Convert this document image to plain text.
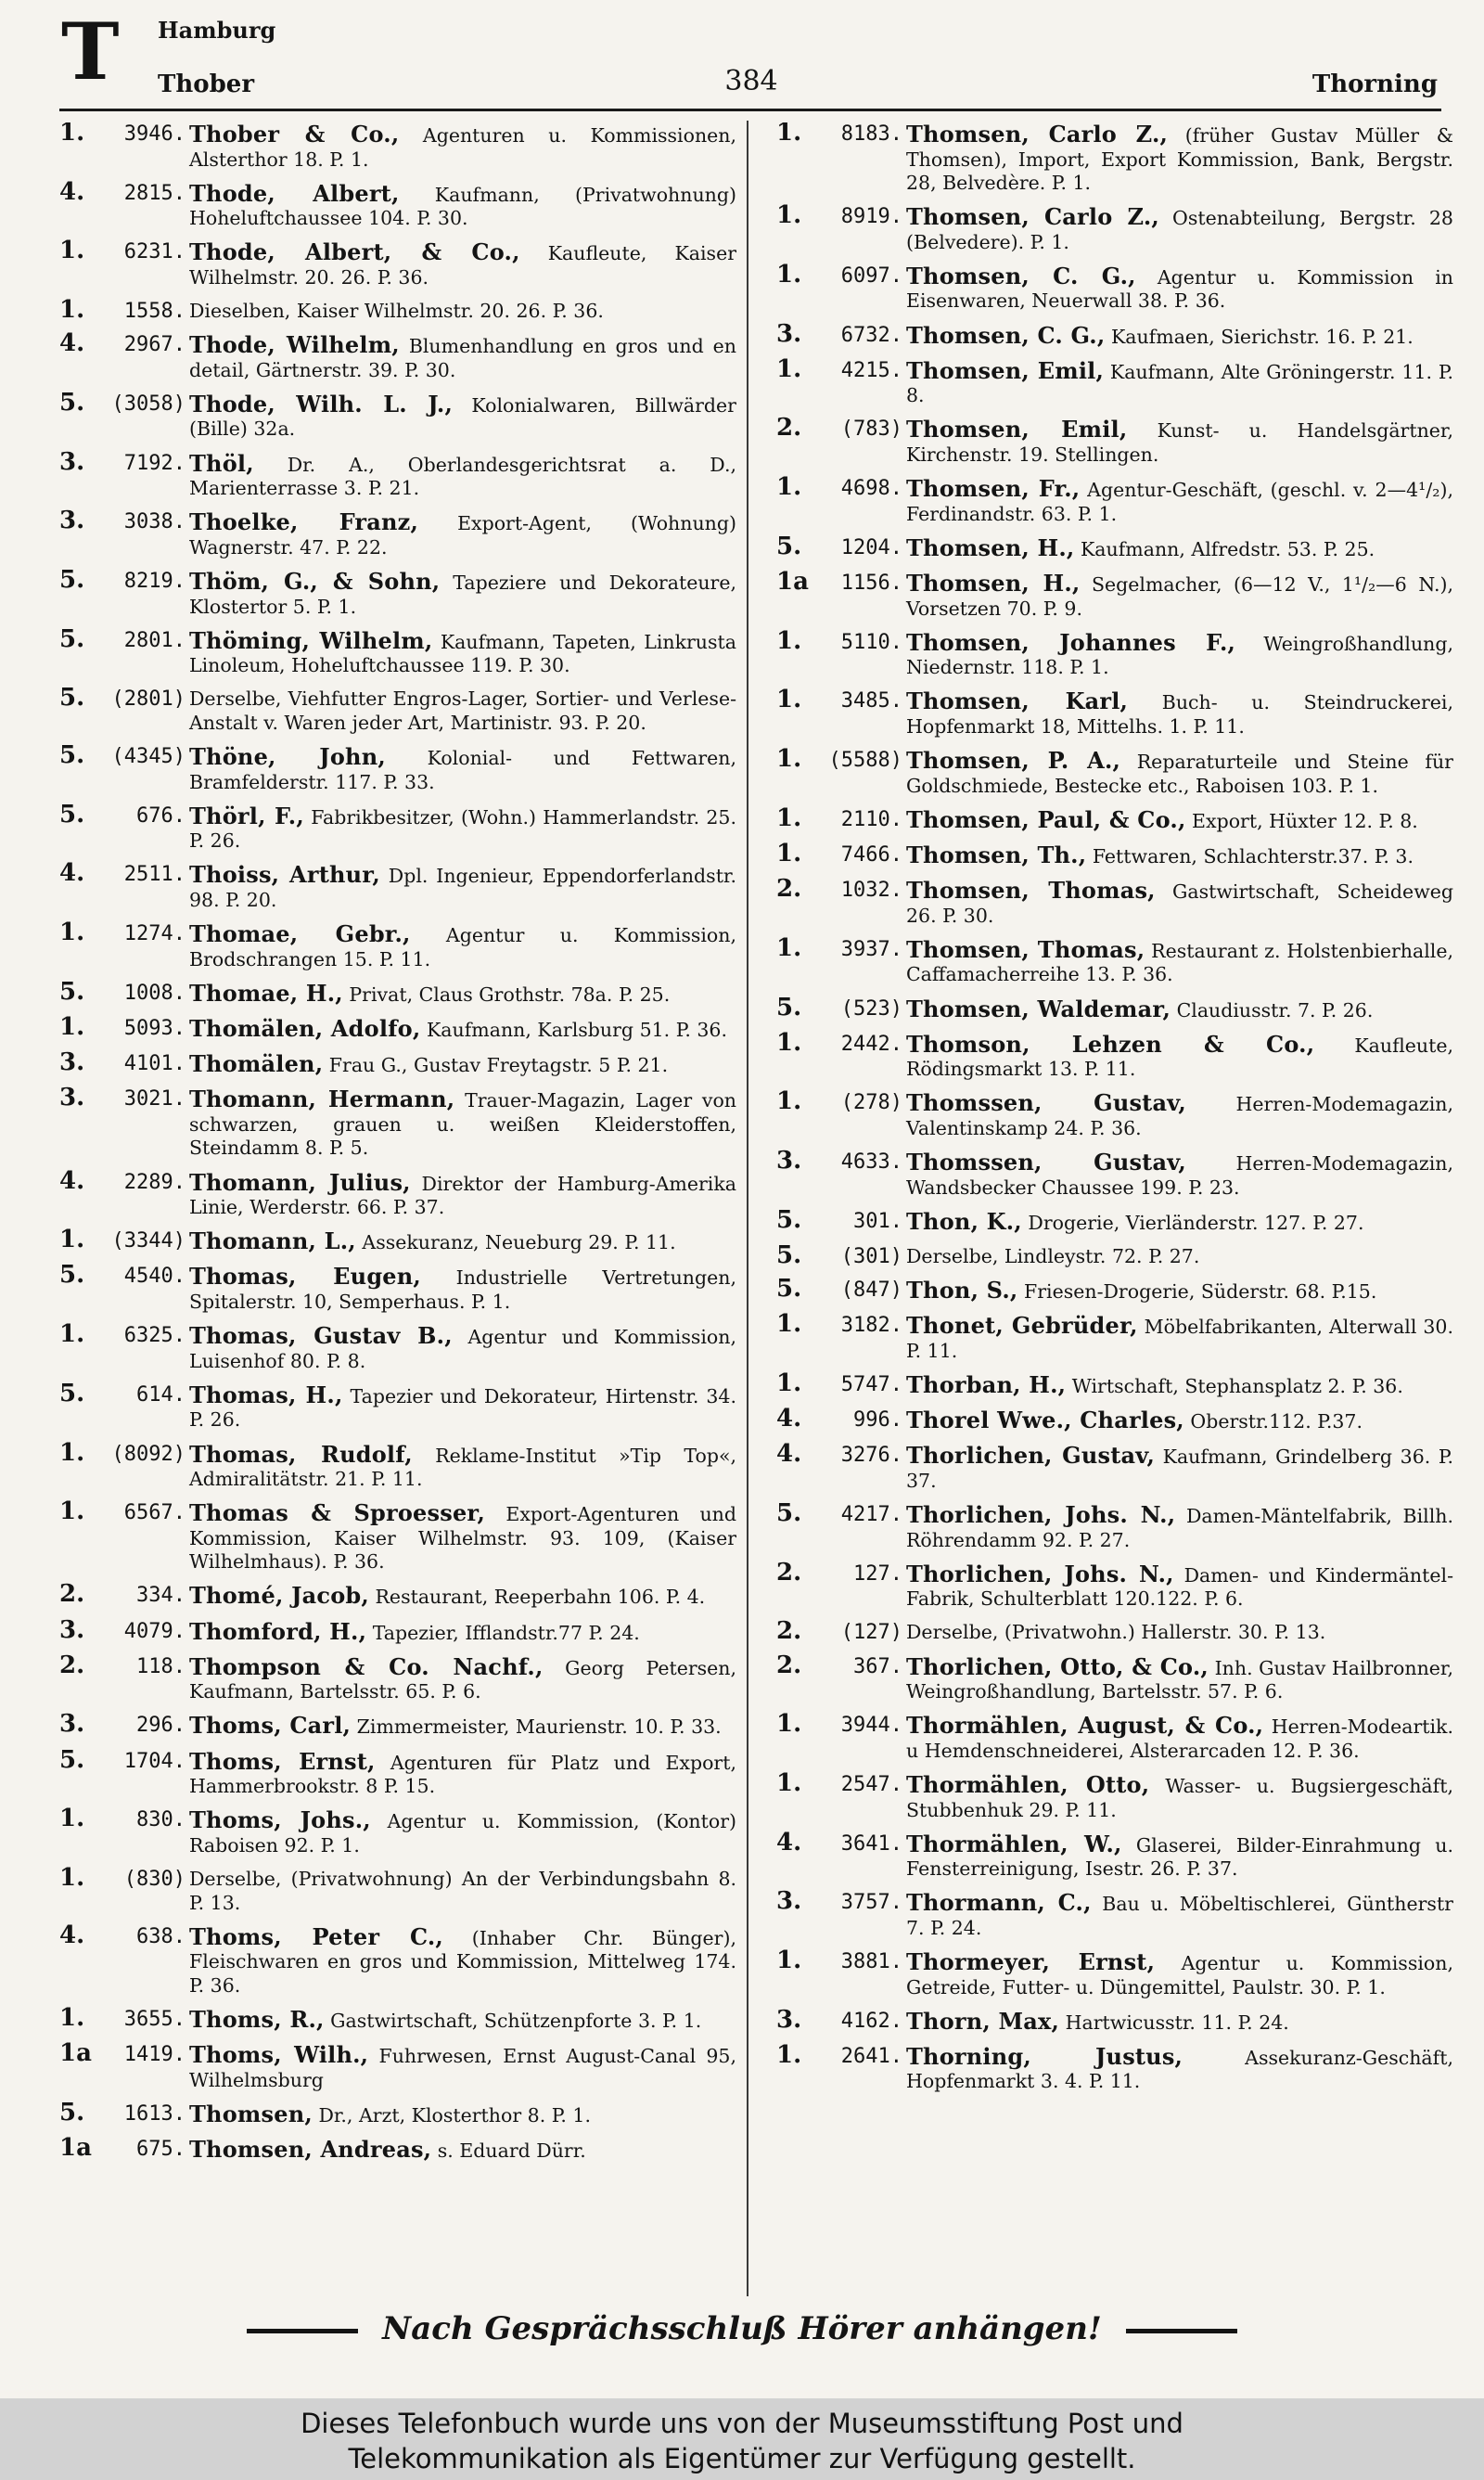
T Hamburg
Thober	384	Thorning
1.	3946. Thober & Co., Agenturen u. Kommissionen, Alsterthor 18. P. 1.
4.	2815. Thode, Albert, Kaufmann, (Privatwohnung) Hoheluftchaussee 104. P. 30.
1.	6231. Thode, Albert, & Co., Kaufleute, Kaiser Wilhelmstr. 20. 26. P. 36.
1.	1558. Dieselben, Kaiser Wilhelmstr. 20. 26. P. 36.
4.	2967. Thode, Wilhelm, Blumenhandlung en gros und en detail, Gärtnerstr. 39. P. 30.
5.	(3058) Thode, Wilh. L. J., Kolonialwaren, Billwärder (Bille) 32a.
3.	7192. Thöl, Dr. A., Oberlandesgerichtsrat a. D., Marienterrasse 3. P. 21.
3.	3038. Thoelke, Franz, Export-Agent, (Wohnung) Wagnerstr. 47. P. 22.
5.	8219. Thöm, G., & Sohn, Tapeziere und Dekorateure, Klostertor 5. P. 1.
5.	2801. Thöming, Wilhelm, Kaufmann, Tapeten, Linkrusta Linoleum, Hoheluftchaussee 119. P. 30.
5.	(2801) Derselbe, Viehfutter Engros-Lager, Sortier- und Verlese-Anstalt v. Waren jeder Art, Martinistr. 93. P. 20.
5.	(4345) Thöne, John, Kolonial- und Fettwaren, Bramfelderstr. 117. P. 33.
5.	676. Thörl, F., Fabrikbesitzer, (Wohn.) Hammerlandstr. 25. P. 26.
4.	2511. Thoiss, Arthur, Dpl. Ingenieur, Eppendorferlandstr. 98. P. 20.
1.	1274. Thomae, Gebr., Agentur u. Kommission, Brodschrangen 15. P. 11.
5.	1008. Thomae, H., Privat, Claus Grothstr. 78a. P. 25.
1.	5093. Thomälen, Adolfo, Kaufmann, Karlsburg 51. P. 36.
3.	4101. Thomälen, Frau G., Gustav Freytagstr. 5 P. 21.
3.	3021. Thomann, Hermann, Trauer-Magazin, Lager von schwarzen, grauen u. weißen Kleiderstoffen, Steindamm 8. P. 5.
4.	2289. Thomann, Julius, Direktor der Hamburg-Amerika Linie, Werderstr. 66. P. 37.
1.	(3344) Thomann, L., Assekuranz, Neueburg 29. P. 11.
5.	4540. Thomas, Eugen, Industrielle Vertretungen, Spitalerstr. 10, Semperhaus. P. 1.
1.	6325. Thomas, Gustav B., Agentur und Kommission, Luisenhof 80. P. 8.
5.	614. Thomas, H., Tapezier und Dekorateur, Hirtenstr. 34. P. 26.
1.	(8092) Thomas, Rudolf, Reklame-Institut »Tip Top«, Admiralitätstr. 21. P. 11.
1.	6567. Thomas & Sproesser, Export-Agenturen und Kommission, Kaiser Wilhelmstr. 93. 109, (Kaiser Wilhelmhaus). P. 36.
2.	334. Thomé, Jacob, Restaurant, Reeperbahn 106. P. 4.
3.	4079. Thomford, H., Tapezier, Ifflandstr.77 P. 24.
2.	118. Thompson & Co. Nachf., Georg Petersen, Kaufmann, Bartelsstr. 65. P. 6.
3.	296. Thoms, Carl, Zimmermeister, Maurienstr. 10. P. 33.
5.	1704. Thoms, Ernst, Agenturen für Platz und Export, Hammerbrookstr. 8 P. 15.
1.	830. Thoms, Johs., Agentur u. Kommission, (Kontor) Raboisen 92. P. 1.
1.	(830) Derselbe, (Privatwohnung) An der Verbindungsbahn 8. P. 13.
4.	638. Thoms, Peter C., (Inhaber Chr. Bünger), Fleischwaren en gros und Kommission, Mittelweg 174. P. 36.
1.	3655. Thoms, R., Gastwirtschaft, Schützenpforte 3. P. 1.
1a	1419. Thoms, Wilh., Fuhrwesen, Ernst August-Canal 95, Wilhelmsburg
5.	1613. Thomsen, Dr., Arzt, Klosterthor 8. P. 1.
1a	675. Thomsen, Andreas, s. Eduard Dürr.
1.	8183. Thomsen, Carlo Z., (früher Gustav Müller & Thomsen), Import, Export Kommission, Bank, Bergstr. 28, Belvedère. P. 1.
1.	8919. Thomsen, Carlo Z., Ostenabteilung, Bergstr. 28 (Belvedere). P. 1.
1.	6097. Thomsen, C. G., Agentur u. Kommission in Eisenwaren, Neuerwall 38. P. 36.
3.	6732. Thomsen, C. G., Kaufmaen, Sierichstr. 16. P. 21.
1.	4215. Thomsen, Emil, Kaufmann, Alte Gröningerstr. 11. P. 8.
2.	(783) Thomsen, Emil, Kunst- u. Handelsgärtner, Kirchenstr. 19. Stellingen.
1.	4698. Thomsen, Fr., Agentur-Geschäft, (geschl. v. 2—4¹/₂), Ferdinandstr. 63. P. 1.
5.	1204. Thomsen, H., Kaufmann, Alfredstr. 53. P. 25.
1a	1156. Thomsen, H., Segelmacher, (6—12 V., 1¹/₂—6 N.), Vorsetzen 70. P. 9.
1.	5110. Thomsen, Johannes F., Weingroßhandlung, Niedernstr. 118. P. 1.
1.	3485. Thomsen, Karl, Buch- u. Steindruckerei, Hopfenmarkt 18, Mittelhs. 1. P. 11.
1.	(5588) Thomsen, P. A., Reparaturteile und Steine für Goldschmiede, Bestecke etc., Raboisen 103. P. 1.
1.	2110. Thomsen, Paul, & Co., Export, Hüxter 12. P. 8.
1.	7466. Thomsen, Th., Fettwaren, Schlachterstr.37. P. 3.
2.	1032. Thomsen, Thomas, Gastwirtschaft, Scheideweg 26. P. 30.
1.	3937. Thomsen, Thomas, Restaurant z. Holstenbierhalle, Caffamacherreihe 13. P. 36.
5.	(523) Thomsen, Waldemar, Claudiusstr. 7. P. 26.
1.	2442. Thomson, Lehzen & Co., Kaufleute, Rödingsmarkt 13. P. 11.
1.	(278) Thomssen, Gustav,	Herren-Modemagazin, Valentinskamp 24. P. 36.
3.	4633. Thomssen, Gustav,	Herren-Modemagazin, Wandsbecker Chaussee 199. P. 23.
5.	301. Thon, K., Drogerie, Vierländerstr. 127. P. 27.
5.	(301) Derselbe, Lindleystr. 72. P. 27.
5.	(847) Thon, S., Friesen-Drogerie, Süderstr. 68. P.15.
1.	3182. Thonet, Gebrüder, Möbelfabrikanten, Alterwall 30. P. 11.
1.	5747. Thorban, H., Wirtschaft, Stephansplatz 2. P. 36.
4.	996. Thorel Wwe., Charles, Oberstr.112. P.37.
4.	3276. Thorlichen, Gustav, Kaufmann, Grindelberg 36. P. 37.
5.	4217. Thorlichen, Johs. N., Damen-Mäntelfabrik, Billh. Röhrendamm 92. P. 27.
2.	127. Thorlichen, Johs. N., Damen- und Kindermäntel-Fabrik, Schulterblatt 120.122. P. 6.
2.	(127) Derselbe, (Privatwohn.) Hallerstr. 30. P. 13.
2.	367. Thorlichen, Otto, & Co., Inh. Gustav Hailbronner, Weingroßhandlung, Bartelsstr. 57. P. 6.
1.	3944. Thormählen, August, & Co., Herren-Modeartik. u Hemdenschneiderei, Alsterarcaden 12. P. 36.
1.	2547. Thormählen, Otto, Wasser- u. Bugsiergeschäft, Stubbenhuk 29. P. 11.
4.	3641. Thormählen, W., Glaserei, Bilder-Einrahmung u. Fensterreinigung, Isestr. 26. P. 37.
3.	3757. Thormann, C., Bau u. Möbeltischlerei, Güntherstr 7. P. 24.
1.	3881. Thormeyer, Ernst, Agentur u. Kommission, Getreide, Futter- u. Düngemittel, Paulstr. 30. P. 1.
3.	4162. Thorn, Max, Hartwicusstr. 11. P. 24.
1.	2641. Thorning, Justus,	Assekuranz-Geschäft, Hopfenmarkt 3. 4. P. 11.
Nach Gesprächsschluß Hörer anhängen!
Dieses Telefonbuch wurde uns von der Museumsstiftung Post und
Telekommunikation als Eigentümer zur Verfügung gestellt.
